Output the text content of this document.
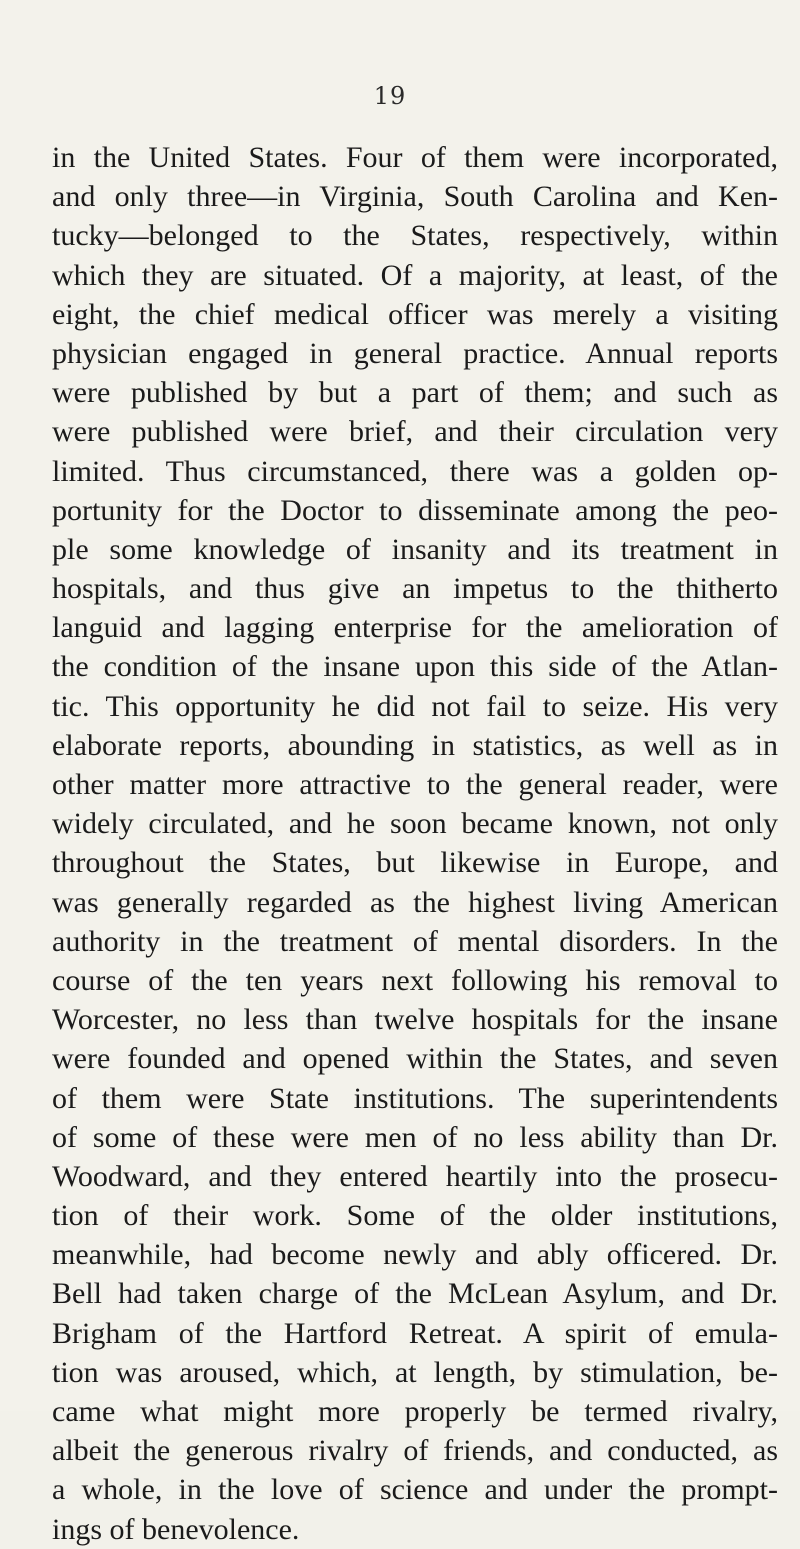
19
in the United States. Four of them were incorporated,
and only three—in Virginia, South Carolina and Ken-
tucky—belonged to the States, respectively, within
which they are situated. Of a majority, at least, of the
eight, the chief medical officer was merely a visiting
physician engaged in general practice. Annual reports
were published by but a part of them; and such as
were published were brief, and their circulation very
limited. Thus circumstanced, there was a golden op-
portunity for the Doctor to disseminate among the peo-
ple some knowledge of insanity and its treatment in
hospitals, and thus give an impetus to the thitherto
languid and lagging enterprise for the amelioration of
the condition of the insane upon this side of the Atlan-
tic. This opportunity he did not fail to seize. His very
elaborate reports, abounding in statistics, as well as in
other matter more attractive to the general reader, were
widely circulated, and he soon became known, not only
throughout the States, but likewise in Europe, and
was generally regarded as the highest living American
authority in the treatment of mental disorders. In the
course of the ten years next following his removal to
Worcester, no less than twelve hospitals for the insane
were founded and opened within the States, and seven
of them were State institutions. The superintendents
of some of these were men of no less ability than Dr.
Woodward, and they entered heartily into the prosecu-
tion of their work. Some of the older institutions,
meanwhile, had become newly and ably officered. Dr.
Bell had taken charge of the McLean Asylum, and Dr.
Brigham of the Hartford Retreat. A spirit of emula-
tion was aroused, which, at length, by stimulation, be-
came what might more properly be termed rivalry,
albeit the generous rivalry of friends, and conducted, as
a whole, in the love of science and under the prompt-
ings of benevolence.
